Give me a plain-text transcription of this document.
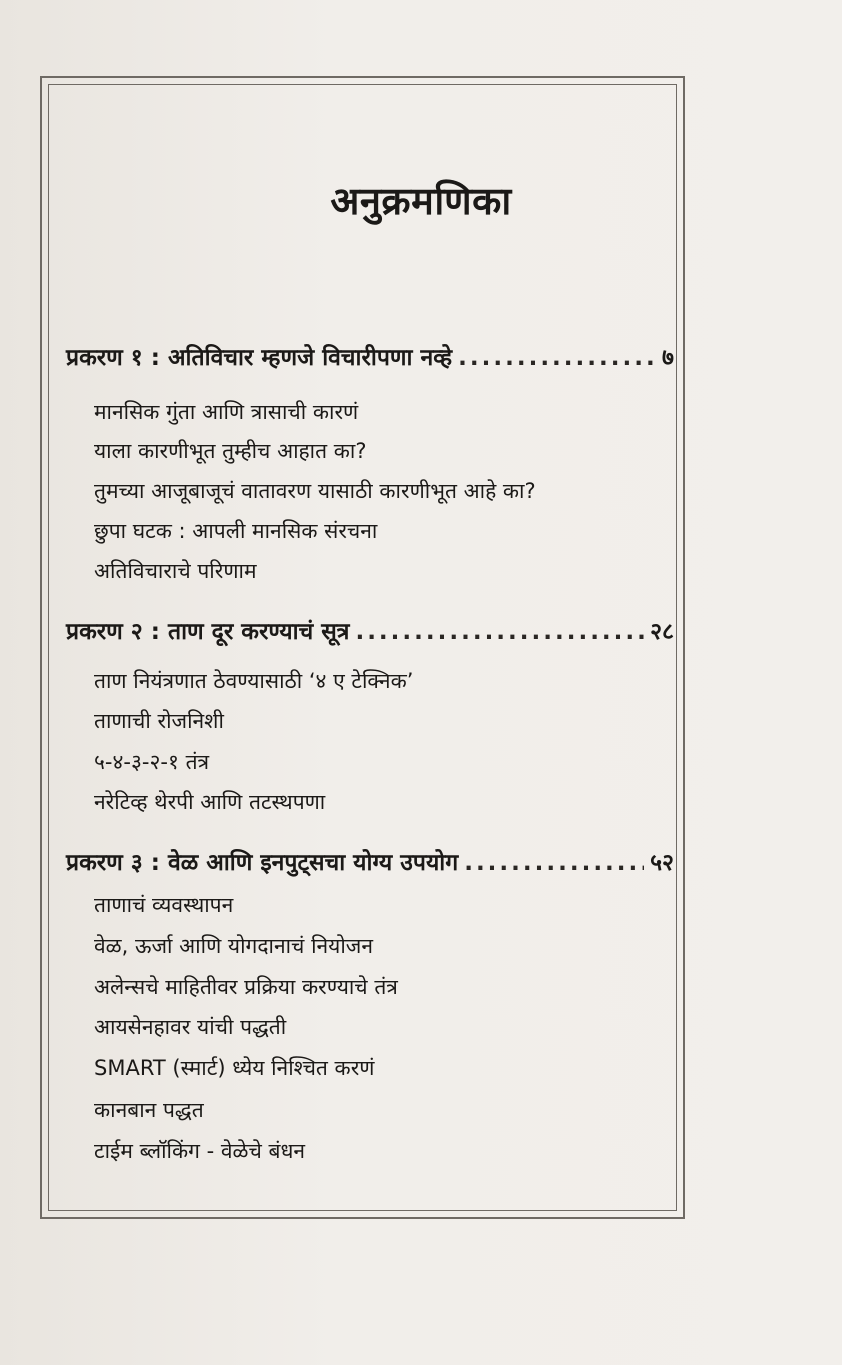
अनुक्रमणिका
प्रकरण १ : अतिविचार म्हणजे विचारीपणा नव्हे .....	७
मानसिक गुंता आणि त्रासाची कारणं
याला कारणीभूत तुम्हीच आहात का?
तुमच्या आजूबाजूचं वातावरण यासाठी कारणीभूत आहे का?
छुपा घटक : आपली मानसिक संरचना
अतिविचाराचे परिणाम
प्रकरण २ : ताण दूर करण्याचं सूत्र .....	२८
ताण नियंत्रणात ठेवण्यासाठी ‘४ ए टेक्निक’
ताणाची रोजनिशी
५-४-३-२-१ तंत्र
नरेटिव्ह थेरपी आणि तटस्थपणा
प्रकरण ३ : वेळ आणि इनपुट्सचा योग्य उपयोग .....	५२
ताणाचं व्यवस्थापन
वेळ, ऊर्जा आणि योगदानाचं नियोजन
अलेन्सचे माहितीवर प्रक्रिया करण्याचे तंत्र
आयसेनहावर यांची पद्धती
SMART (स्मार्ट) ध्येय निश्चित करणं
कानबान पद्धत
टाईम ब्लॉकिंग - वेळेचे बंधन
